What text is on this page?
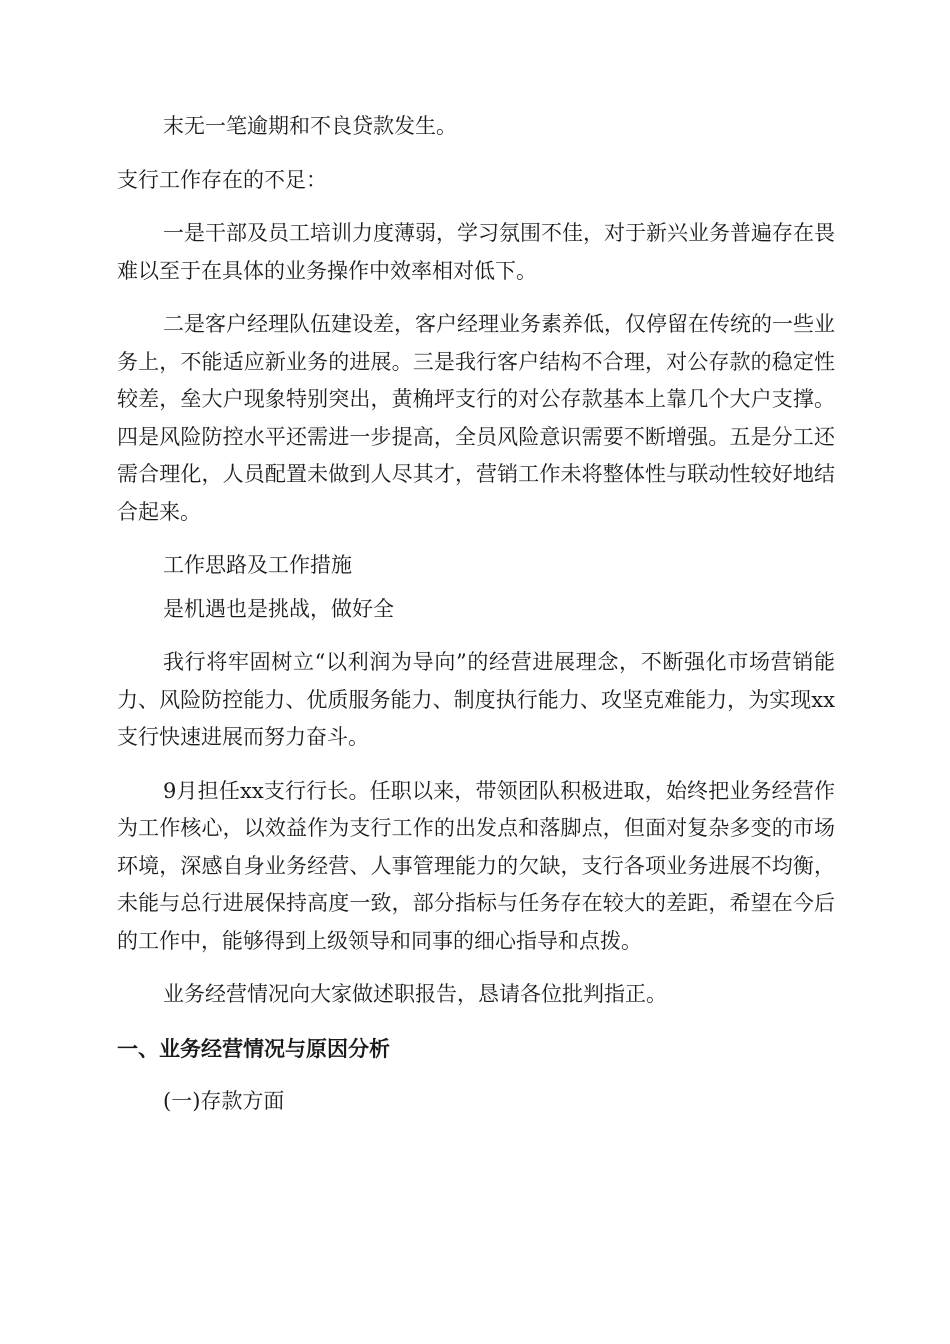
末无一笔逾期和不良贷款发生。

支行工作存在的不足：

一是干部及员工培训力度薄弱，学习氛围不佳，对于新兴业务普遍存在畏难以至于在具体的业务操作中效率相对低下。

二是客户经理队伍建设差，客户经理业务素养低，仅停留在传统的一些业务上，不能适应新业务的进展。三是我行客户结构不合理，对公存款的稳定性较差，垒大户现象特别突出，黄桷坪支行的对公存款基本上靠几个大户支撑。四是风险防控水平还需进一步提高，全员风险意识需要不断增强。五是分工还需合理化，人员配置未做到人尽其才，营销工作未将整体性与联动性较好地结合起来。

工作思路及工作措施

是机遇也是挑战，做好全

我行将牢固树立“以利润为导向”的经营进展理念，不断强化市场营销能力、风险防控能力、优质服务能力、制度执行能力、攻坚克难能力，为实现xx支行快速进展而努力奋斗。

9月担任xx支行行长。任职以来，带领团队积极进取，始终把业务经营作为工作核心，以效益作为支行工作的出发点和落脚点，但面对复杂多变的市场环境，深感自身业务经营、人事管理能力的欠缺，支行各项业务进展不均衡，未能与总行进展保持高度一致，部分指标与任务存在较大的差距，希望在今后的工作中，能够得到上级领导和同事的细心指导和点拨。

业务经营情况向大家做述职报告，恳请各位批判指正。

一、业务经营情况与原因分析

(一)存款方面
